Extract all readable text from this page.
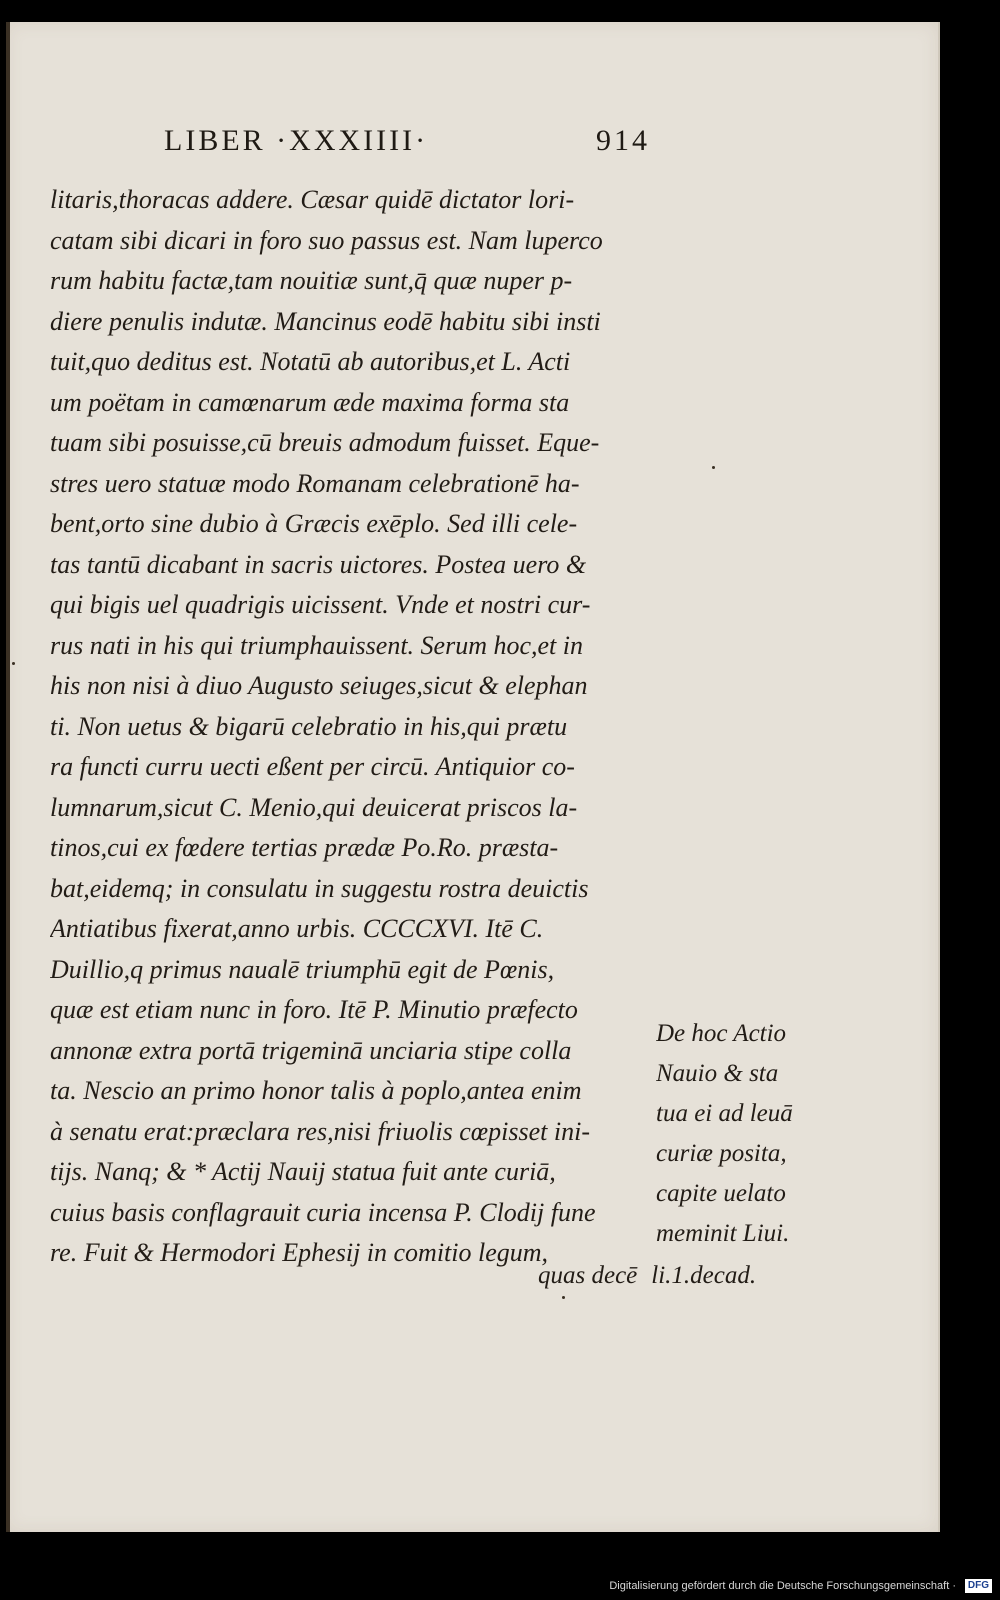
LIBER ·XXXIIII·	914
litaris,thoracas addere. Cæsar quidē dictator lori-
catam sibi dicari in foro suo passus est. Nam luperco
rum habitu factæ,tam nouitiæ sunt,q̄ quæ nuper p-
diere penulis indutæ. Mancinus eodē habitu sibi insti
tuit,quo deditus est. Notatū ab autoribus,et L. Acti
um poëtam in camœnarum æde maxima forma sta
tuam sibi posuisse,cū breuis admodum fuisset. Eque-
stres uero statuæ modo Romanam celebrationē ha-
bent,orto sine dubio à Græcis exēplo. Sed illi cele-
tas tantū dicabant in sacris uictores. Postea uero &
qui bigis uel quadrigis uicissent. Vnde et nostri cur-
rus nati in his qui triumphauissent. Serum hoc,et in
his non nisi à diuo Augusto seiuges,sicut & elephan
ti. Non uetus & bigarū celebratio in his,qui prætu
ra functi curru uecti eßent per circū. Antiquior co-
lumnarum,sicut C. Menio,qui deuicerat priscos la-
tinos,cui ex fœdere tertias prædæ Po.Ro. præsta-
bat,eidemq; in consulatu in suggestu rostra deuictis
Antiatibus fixerat,anno urbis. CCCCXVI. Itē C.
Duillio,q primus naualē triumphū egit de Pœnis,
quæ est etiam nunc in foro. Itē P. Minutio præfecto
annonæ extra portā trigeminā unciaria stipe colla
ta. Nescio an primo honor talis à poplo,antea enim
à senatu erat:præclara res,nisi friuolis cœpisset ini-
tijs. Nanq; & * Actij Nauij statua fuit ante curiā,
cuius basis conflagrauit curia incensa P. Clodij fune
re. Fuit & Hermodori Ephesij in comitio legum,
De hoc Actio
Nauio & sta
tua ei ad leuā
curiæ posita,
capite uelato
meminit Liui.
quas decē li.1.decad.
Digitalisierung gefördert durch die Deutsche Forschungsgemeinschaft ·	DFG
